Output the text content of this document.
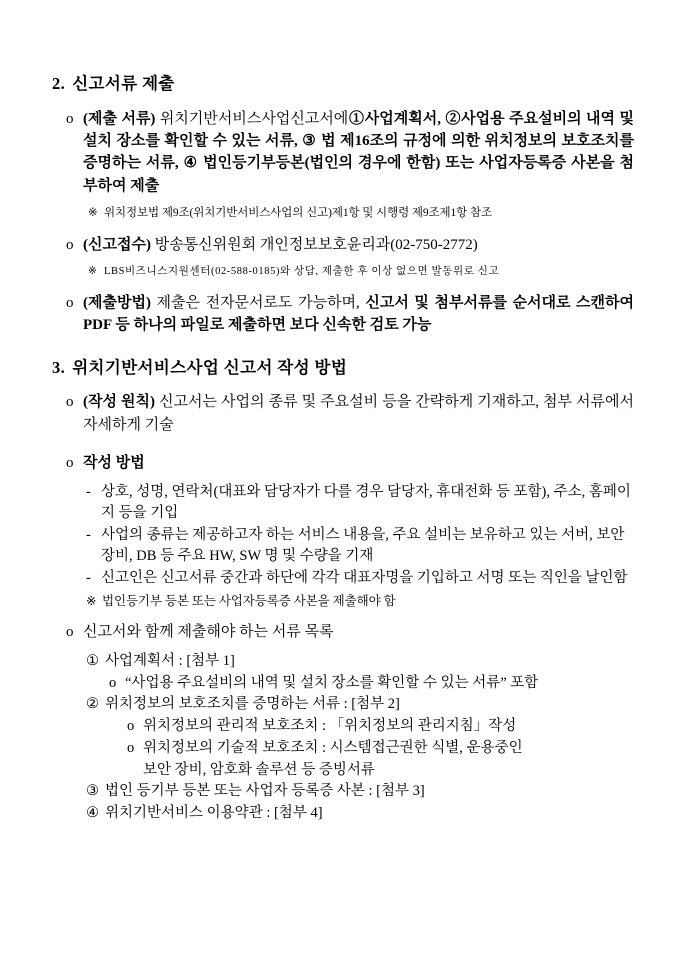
2. 신고서류 제출
o (제출 서류) 위치기반서비스사업신고서에①사업계획서, ②사업용 주요설비의 내역 및 설치 장소를 확인할 수 있는 서류, ③ 법 제16조의 규정에 의한 위치정보의 보호조치를 증명하는 서류, ④ 법인등기부등본(법인의 경우에 한함) 또는 사업자등록증 사본을 첨부하여 제출
※ 위치정보법 제9조(위치기반서비스사업의 신고)제1항 및 시행령 제9조제1항 참조
o (신고접수) 방송통신위원회 개인정보보호윤리과(02-750-2772)
※ LBS비즈니스지원센터(02-588-0185)와 상담, 제출한 후 이상 없으면 발동위로 신고
o (제출방법) 제출은 전자문서로도 가능하며, 신고서 및 첨부서류를 순서대로 스캔하여 PDF 등 하나의 파일로 제출하면 보다 신속한 검토 가능
3. 위치기반서비스사업 신고서 작성 방법
o (작성 원칙) 신고서는 사업의 종류 및 주요설비 등을 간략하게 기재하고, 첨부 서류에서 자세하게 기술
o 작성 방법
- 상호, 성명, 연락처(대표와 담당자가 다를 경우 담당자, 휴대전화 등 포함), 주소, 홈페이지 등을 기입
- 사업의 종류는 제공하고자 하는 서비스 내용을, 주요 설비는 보유하고 있는 서버, 보안장비, DB 등 주요 HW, SW 명 및 수량을 기재
- 신고인은 신고서류 중간과 하단에 각각 대표자명을 기입하고 서명 또는 직인을 날인함
※ 법인등기부 등본 또는 사업자등록증 사본을 제출해야 함
o 신고서와 함께 제출해야 하는 서류 목록
① 사업계획서 : [첨부 1]
o “사업용 주요설비의 내역 및 설치 장소를 확인할 수 있는 서류” 포함
② 위치정보의 보호조치를 증명하는 서류 : [첨부 2]
o 위치정보의 관리적 보호조치 : 「위치정보의 관리지침」작성
o 위치정보의 기술적 보호조치 : 시스템접근권한 식별, 운용중인
보안 장비, 암호화 솔루션 등 증빙서류
③ 법인 등기부 등본 또는 사업자 등록증 사본 : [첨부 3]
④ 위치기반서비스 이용약관 : [첨부 4]
